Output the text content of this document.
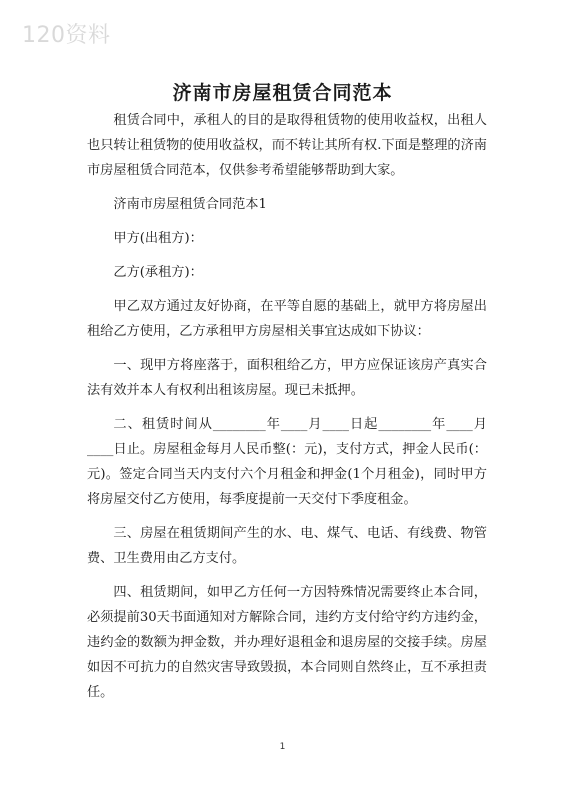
120资料
济南市房屋租赁合同范本

租赁合同中，承租人的目的是取得租赁物的使用收益权，出租人也只转让租赁物的使用收益权，而不转让其所有权.下面是整理的济南市房屋租赁合同范本，仅供参考希望能够帮助到大家。

济南市房屋租赁合同范本1

甲方(出租方)：

乙方(承租方)：

甲乙双方通过友好协商，在平等自愿的基础上，就甲方将房屋出租给乙方使用，乙方承租甲方房屋相关事宜达成如下协议：

一、现甲方将座落于，面积租给乙方，甲方应保证该房产真实合法有效并本人有权利出租该房屋。现已未抵押。

二、租赁时间从________年____月____日起________年____月____日止。房屋租金每月人民币整(：元)，支付方式，押金人民币(：元)。签定合同当天内支付六个月租金和押金(1个月租金)，同时甲方将房屋交付乙方使用，每季度提前一天交付下季度租金。

三、房屋在租赁期间产生的水、电、煤气、电话、有线费、物管费、卫生费用由乙方支付。

四、租赁期间，如甲乙方任何一方因特殊情况需要终止本合同，必须提前30天书面通知对方解除合同，违约方支付给守约方违约金，违约金的数额为押金数，并办理好退租金和退房屋的交接手续。房屋如因不可抗力的自然灾害导致毁损，本合同则自然终止，互不承担责任。

1
